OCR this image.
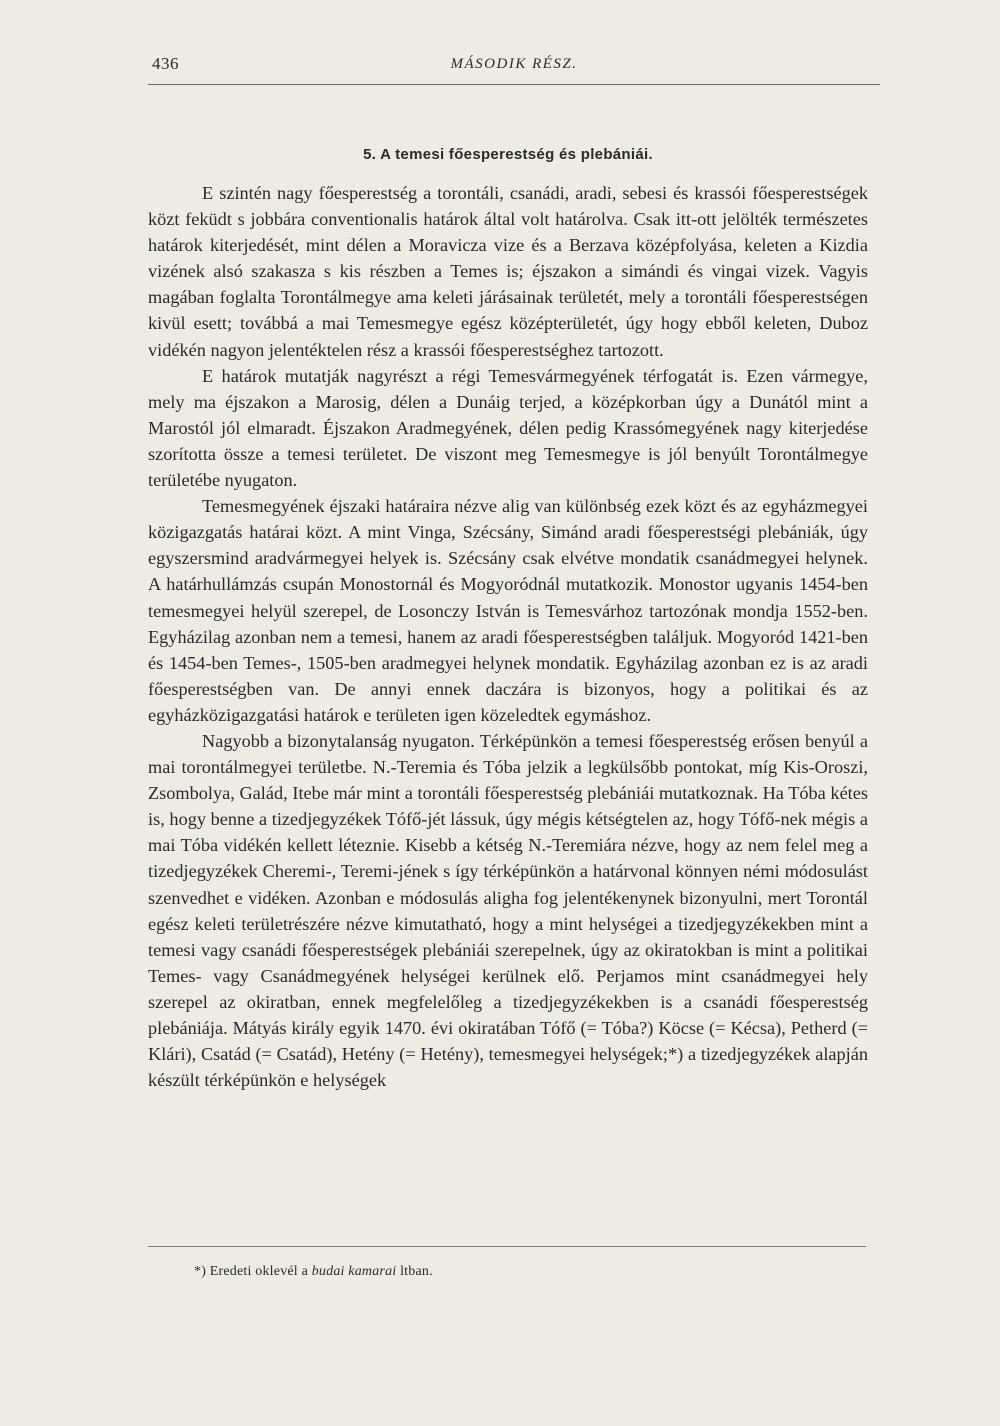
436	MÁSODIK RÉSZ.
5. A temesi főesperestség és plebániái.

E szintén nagy főesperestség a torontáli, csanádi, aradi, sebesi és krassói főesperestségek közt feküdt s jobbára conventionalis határok által volt határolva. Csak itt-ott jelölték természetes határok kiterjedését, mint délen a Moravicza vize és a Berzava középfolyása, keleten a Kizdia vizének alsó szakasza s kis részben a Temes is; éjszakon a simándi és vingai vizek. Vagyis magában foglalta Torontálmegye ama keleti járásainak területét, mely a torontáli főesperestségen kivül esett; továbbá a mai Temesmegye egész középterületét, úgy hogy ebből keleten, Duboz vidékén nagyon jelentéktelen rész a krassói főesperestséghez tartozott.

E határok mutatják nagyrészt a régi Temesvármegyének térfogatát is. Ezen vármegye, mely ma éjszakon a Marosig, délen a Dunáig terjed, a középkorban úgy a Dunától mint a Marostól jól elmaradt. Éjszakon Aradmegyének, délen pedig Krassómegyének nagy kiterjedése szorította össze a temesi területet. De viszont meg Temesmegye is jól benyúlt Torontálmegye területébe nyugaton.

Temesmegyének éjszaki határaira nézve alig van különbség ezek közt és az egyházmegyei közigazgatás határai közt. A mint Vinga, Szécsány, Simánd aradi főesperestségi plebániák, úgy egyszersmind aradvármegyei helyek is. Szécsány csak elvétve mondatik csanádmegyei helynek. A határhullámzás csupán Monostornál és Mogyoródnál mutatkozik. Monostor ugyanis 1454-ben temesmegyei helyül szerepel, de Losonczy István is Temesvárhoz tartozónak mondja 1552-ben. Egyházilag azonban nem a temesi, hanem az aradi főesperestségben találjuk. Mogyoród 1421-ben és 1454-ben Temes-, 1505-ben aradmegyei helynek mondatik. Egyházilag azonban ez is az aradi főesperestségben van. De annyi ennek daczára is bizonyos, hogy a politikai és az egyházközigazgatási határok e területen igen közeledtek egymáshoz.

Nagyobb a bizonytalanság nyugaton. Térképünkön a temesi főesperestség erősen benyúl a mai torontálmegyei területbe. N.-Teremia és Tóba jelzik a legkülsőbb pontokat, míg Kis-Oroszi, Zsombolya, Galád, Itebe már mint a torontáli főesperestség plebániái mutatkoznak. Ha Tóba kétes is, hogy benne a tizedjegyzékek Tófő-jét lássuk, úgy mégis kétségtelen az, hogy Tófő-nek mégis a mai Tóba vidékén kellett léteznie. Kisebb a kétség N.-Teremiára nézve, hogy az nem felel meg a tizedjegyzékek Cheremi-, Teremi-jének s így térképünkön a határvonal könnyen némi módosulást szenvedhet e vidéken. Azonban e módosulás aligha fog jelentékenynek bizonyulni, mert Torontál egész keleti területrészére nézve kimutatható, hogy a mint helységei a tizedjegyzékekben mint a temesi vagy csanádi főesperestségek plebániái szerepelnek, úgy az okiratokban is mint a politikai Temes- vagy Csanádmegyének helységei kerülnek elő. Perjamos mint csanádmegyei hely szerepel az okiratban, ennek megfelelőleg a tizedjegyzékekben is a csanádi főesperestség plebániája. Mátyás király egyik 1470. évi okiratában Tófő (= Tóba?) Köcse (= Kécsa), Petherd (= Klári), Csatád (= Csatád), Hetény (= Hetény), temesmegyei helységek;*) a tizedjegyzékek alapján készült térképünkön e helységek

*) Eredeti oklevél a budai kamarai ltban.
